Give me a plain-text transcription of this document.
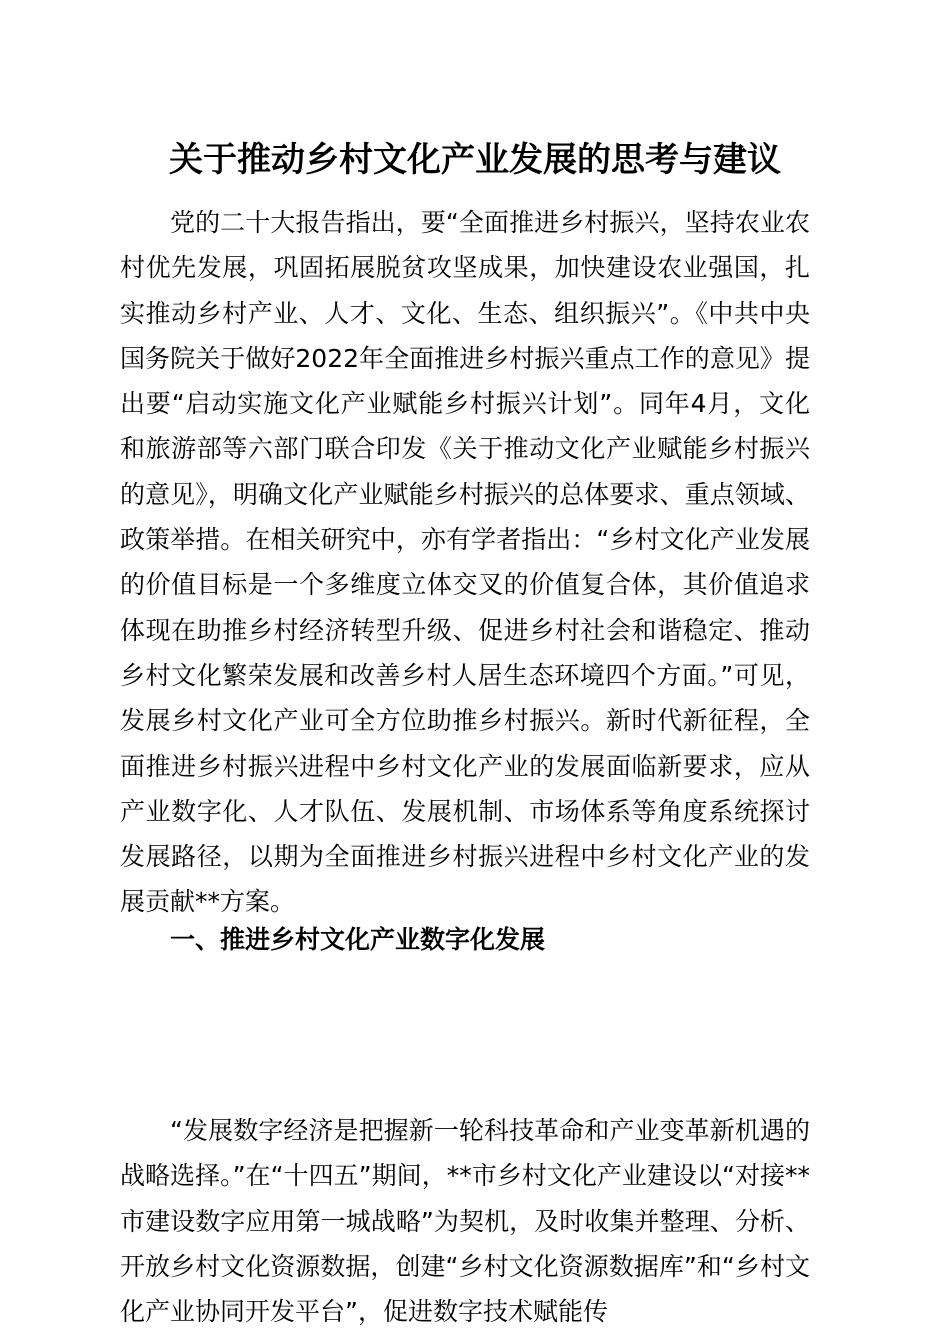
关于推动乡村文化产业发展的思考与建议

党的二十大报告指出，要“全面推进乡村振兴，坚持农业农村优先发展，巩固拓展脱贫攻坚成果，加快建设农业强国，扎实推动乡村产业、人才、文化、生态、组织振兴”。《中共中央国务院关于做好2022年全面推进乡村振兴重点工作的意见》提出要“启动实施文化产业赋能乡村振兴计划”。同年4月，文化和旅游部等六部门联合印发《关于推动文化产业赋能乡村振兴的意见》，明确文化产业赋能乡村振兴的总体要求、重点领域、政策举措。在相关研究中，亦有学者指出：“乡村文化产业发展的价值目标是一个多维度立体交叉的价值复合体，其价值追求体现在助推乡村经济转型升级、促进乡村社会和谐稳定、推动乡村文化繁荣发展和改善乡村人居生态环境四个方面。”可见，发展乡村文化产业可全方位助推乡村振兴。新时代新征程，全面推进乡村振兴进程中乡村文化产业的发展面临新要求，应从产业数字化、人才队伍、发展机制、市场体系等角度系统探讨发展路径，以期为全面推进乡村振兴进程中乡村文化产业的发展贡献**方案。

一、推进乡村文化产业数字化发展

“发展数字经济是把握新一轮科技革命和产业变革新机遇的战略选择。”在“十四五”期间，**市乡村文化产业建设以“对接**市建设数字应用第一城战略”为契机，及时收集并整理、分析、开放乡村文化资源数据，创建“乡村文化资源数据库”和“乡村文化产业协同开发平台”，促进数字技术赋能传
